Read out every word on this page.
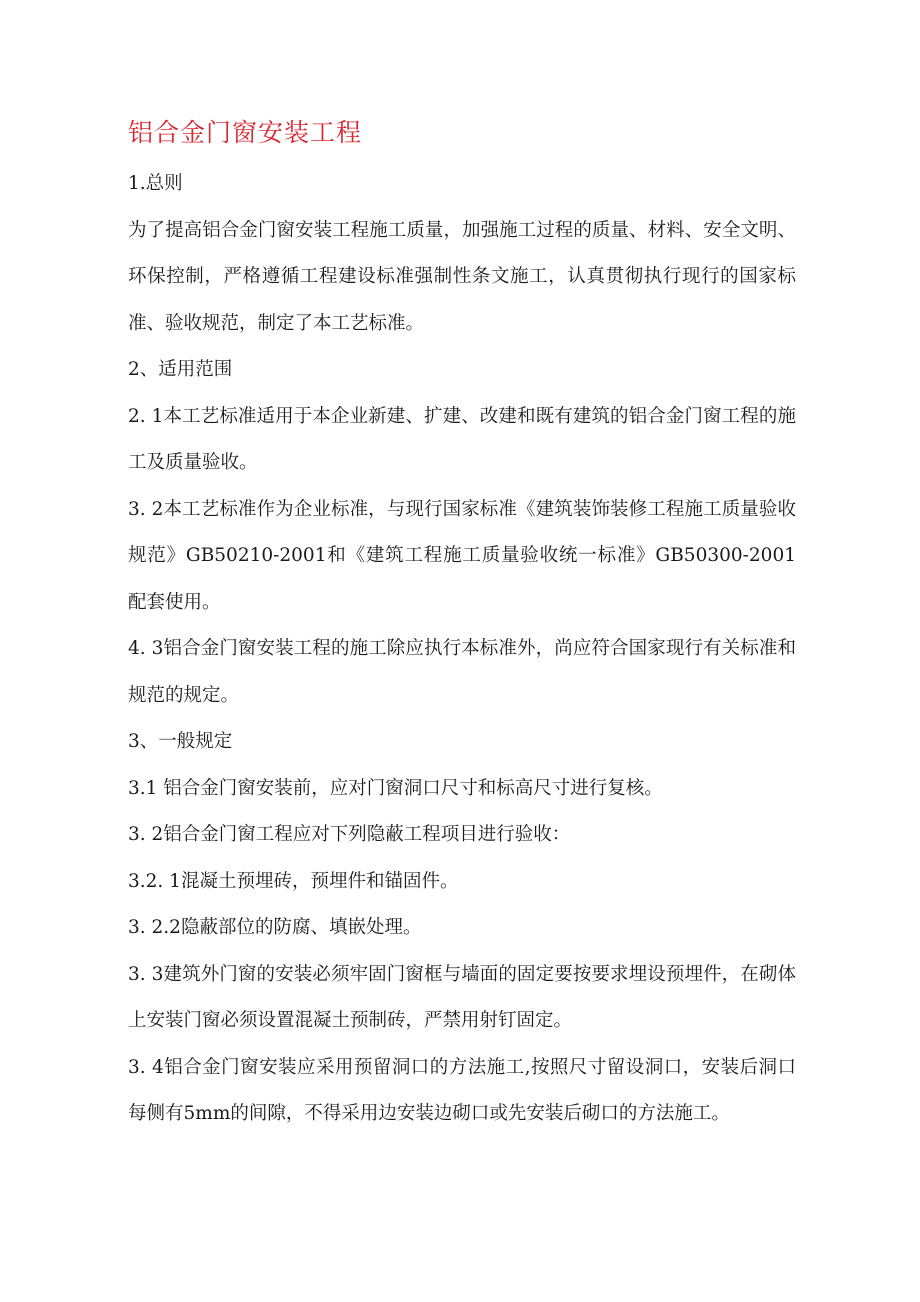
铝合金门窗安装工程

1.总则

为了提高铝合金门窗安装工程施工质量，加强施工过程的质量、材料、安全文明、环保控制，严格遵循工程建设标准强制性条文施工，认真贯彻执行现行的国家标准、验收规范，制定了本工艺标准。

2、适用范围

2. 1本工艺标准适用于本企业新建、扩建、改建和既有建筑的铝合金门窗工程的施工及质量验收。

3. 2本工艺标准作为企业标准，与现行国家标准《建筑装饰装修工程施工质量验收规范》GB50210-2001和《建筑工程施工质量验收统一标准》GB50300-2001配套使用。

4. 3铝合金门窗安装工程的施工除应执行本标准外，尚应符合国家现行有关标准和规范的规定。

3、一般规定

3.1 铝合金门窗安装前，应对门窗洞口尺寸和标高尺寸进行复核。

3. 2铝合金门窗工程应对下列隐蔽工程项目进行验收：

3.2. 1混凝土预埋砖，预埋件和锚固件。

3. 2.2隐蔽部位的防腐、填嵌处理。

3. 3建筑外门窗的安装必须牢固门窗框与墙面的固定要按要求埋设预埋件，在砌体上安装门窗必须设置混凝土预制砖，严禁用射钉固定。

3. 4铝合金门窗安装应采用预留洞口的方法施工,按照尺寸留设洞口，安装后洞口每侧有5mm的间隙，不得采用边安装边砌口或先安装后砌口的方法施工。
